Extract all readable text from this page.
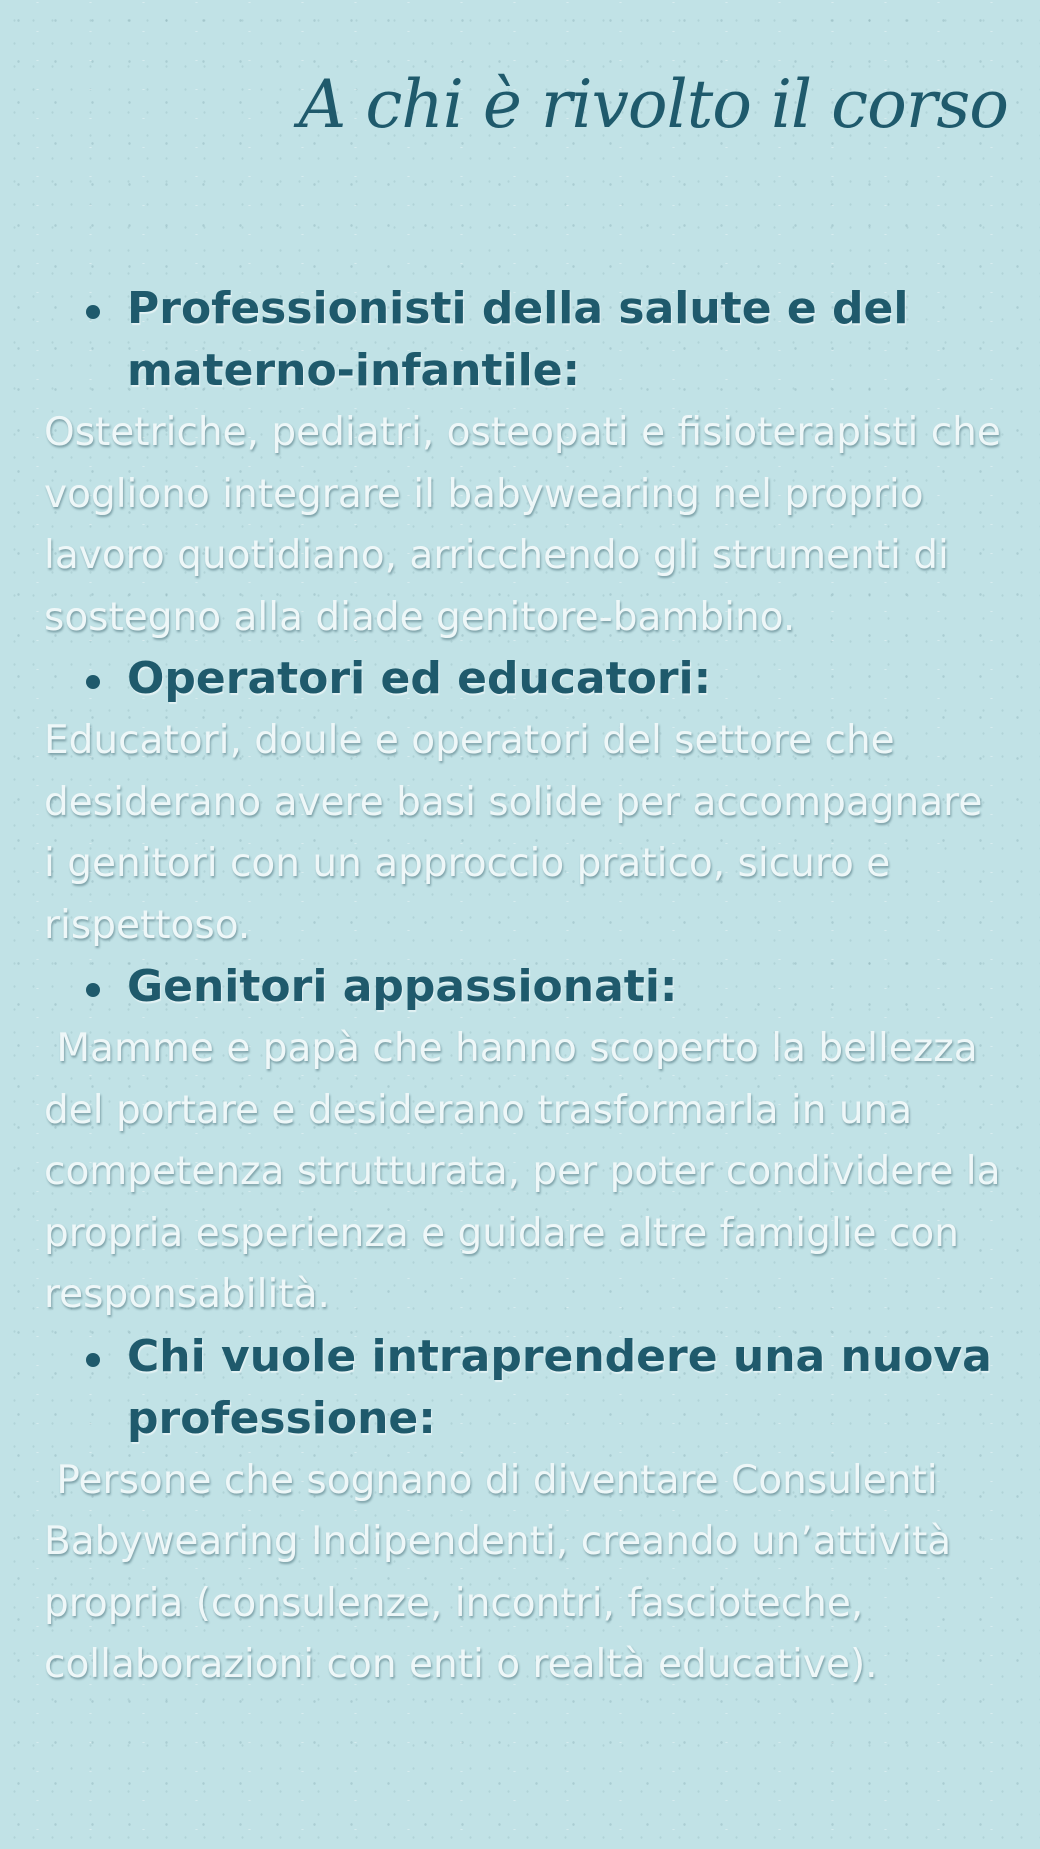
A chi è rivolto il corso
Professionisti della salute e del materno-infantile:

Ostetriche, pediatri, osteopati e fisioterapisti che vogliono integrare il babywearing nel proprio lavoro quotidiano, arricchendo gli strumenti di sostegno alla diade genitore-bambino.

Operatori ed educatori:

Educatori, doule e operatori del settore che desiderano avere basi solide per accompagnare i genitori con un approccio pratico, sicuro e rispettoso.

Genitori appassionati:

Mamme e papà che hanno scoperto la bellezza del portare e desiderano trasformarla in una competenza strutturata, per poter condividere la propria esperienza e guidare altre famiglie con responsabilità.

Chi vuole intraprendere una nuova professione:

Persone che sognano di diventare Consulenti Babywearing Indipendenti, creando un’attività propria (consulenze, incontri, fascioteche, collaborazioni con enti o realtà educative).
